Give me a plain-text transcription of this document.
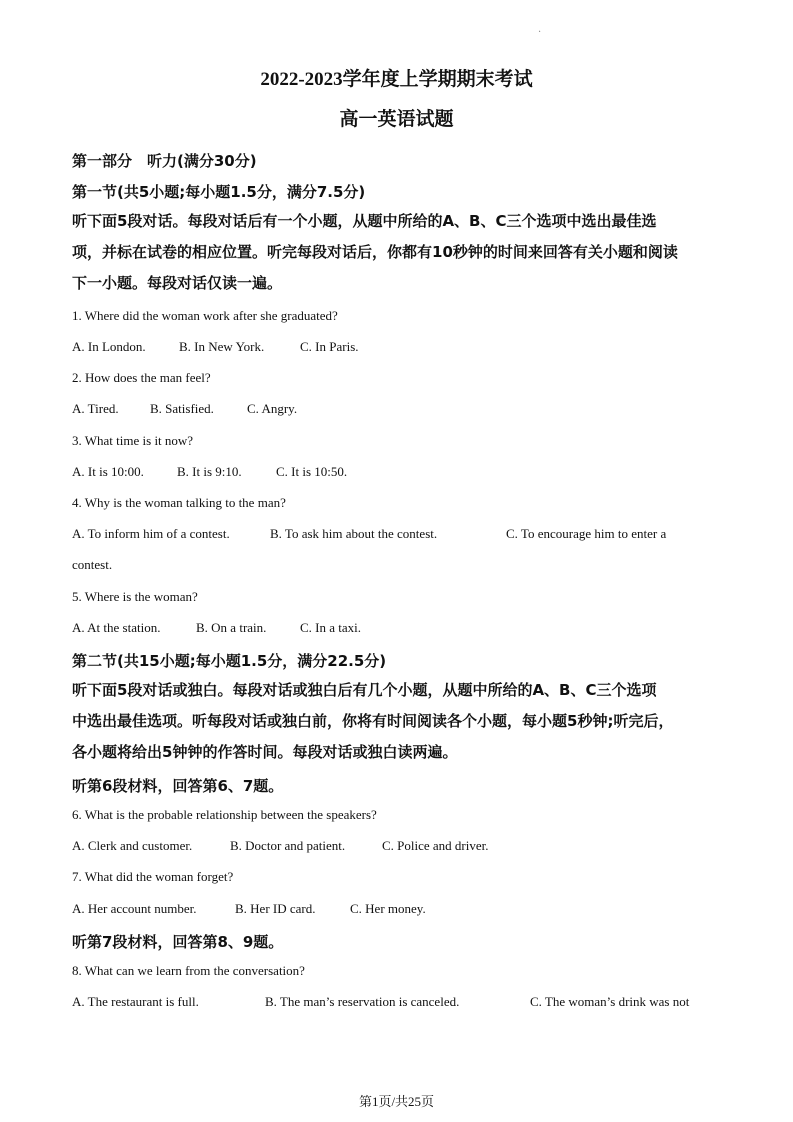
.
2022-2023学年度上学期期末考试
高一英语试题
第一部分　听力(满分30分)
第一节(共5小题;每小题1.5分，满分7.5分)
听下面5段对话。每段对话后有一个小题，从题中所给的A、B、C三个选项中选出最佳选
项，并标在试卷的相应位置。听完每段对话后，你都有10秒钟的时间来回答有关小题和阅读
下一小题。每段对话仅读一遍。
1. Where did the woman work after she graduated?
A. In London.	B. In New York.	C. In Paris.
2. How does the man feel?
A. Tired. B. Satisfied.	C. Angry.
3. What time is it now?
A. It is 10:00.	B. It is 9:10.	C. It is 10:50.
4. Why is the woman talking to the man?
A. To inform him of a contest.	B. To ask him about the contest.	C. To encourage him to enter a
contest.
5. Where is the woman?
A. At the station.	B. On a train.	C. In a taxi.
第二节(共15小题;每小题1.5分，满分22.5分)
听下面5段对话或独白。每段对话或独白后有几个小题，从题中所给的A、B、C三个选项
中选出最佳选项。听每段对话或独白前，你将有时间阅读各个小题，每小题5秒钟;听完后，
各小题将给出5钟钟的作答时间。每段对话或独白读两遍。
听第6段材料，回答第6、7题。
6. What is the probable relationship between the speakers?
A. Clerk and customer.	B. Doctor and patient.	C. Police and driver.
7. What did the woman forget?
A. Her account number.	B. Her ID card.	C. Her money.
听第7段材料，回答第8、9题。
8. What can we learn from the conversation?
A. The restaurant is full.	B. The man’s reservation is canceled.	C. The woman’s drink was not
第1页/共25页
